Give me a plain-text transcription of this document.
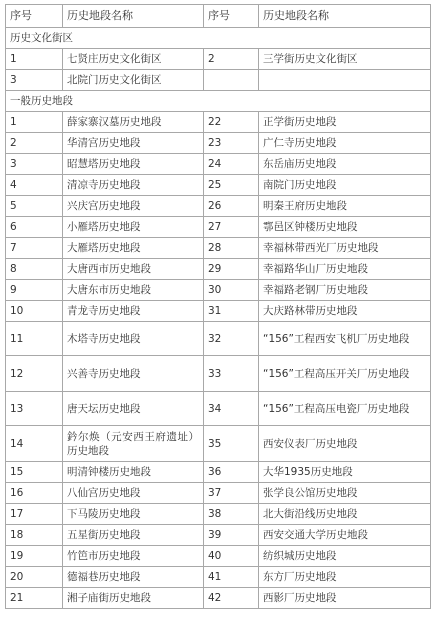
序号	历史地段名称	序号	历史地段名称
历史文化街区			
1	七贤庄历史文化街区	2	三学街历史文化街区
3	北院门历史文化街区		
一般历史地段			
1	薛家寨汉墓历史地段	22	正学街历史地段
2	华清宫历史地段	23	广仁寺历史地段
3	昭慧塔历史地段	24	东岳庙历史地段
4	清凉寺历史地段	25	南院门历史地段
5	兴庆宫历史地段	26	明秦王府历史地段
6	小雁塔历史地段	27	鄠邑区钟楼历史地段
7	大雁塔历史地段	28	幸福林带西光厂历史地段
8	大唐西市历史地段	29	幸福路华山厂历史地段
9	大唐东市历史地段	30	幸福路老钢厂历史地段
10	青龙寺历史地段	31	大庆路林带历史地段
11	木塔寺历史地段	32	“156”工程西安飞机厂历史地段
12	兴善寺历史地段	33	“156”工程高压开关厂历史地段
13	唐天坛历史地段	34	“156”工程高压电瓷厂历史地段
14	鈐尔焕（元安西王府遗址）历史地段	35	西安仪表厂历史地段
15	明清钟楼历史地段	36	大华1935历史地段
16	八仙宫历史地段	37	张学良公馆历史地段
17	下马陵历史地段	38	北大街沿线历史地段
18	五星街历史地段	39	西安交通大学历史地段
19	竹笆市历史地段	40	纺织城历史地段
20	德福巷历史地段	41	东方厂历史地段
21	湘子庙街历史地段	42	西影厂历史地段
